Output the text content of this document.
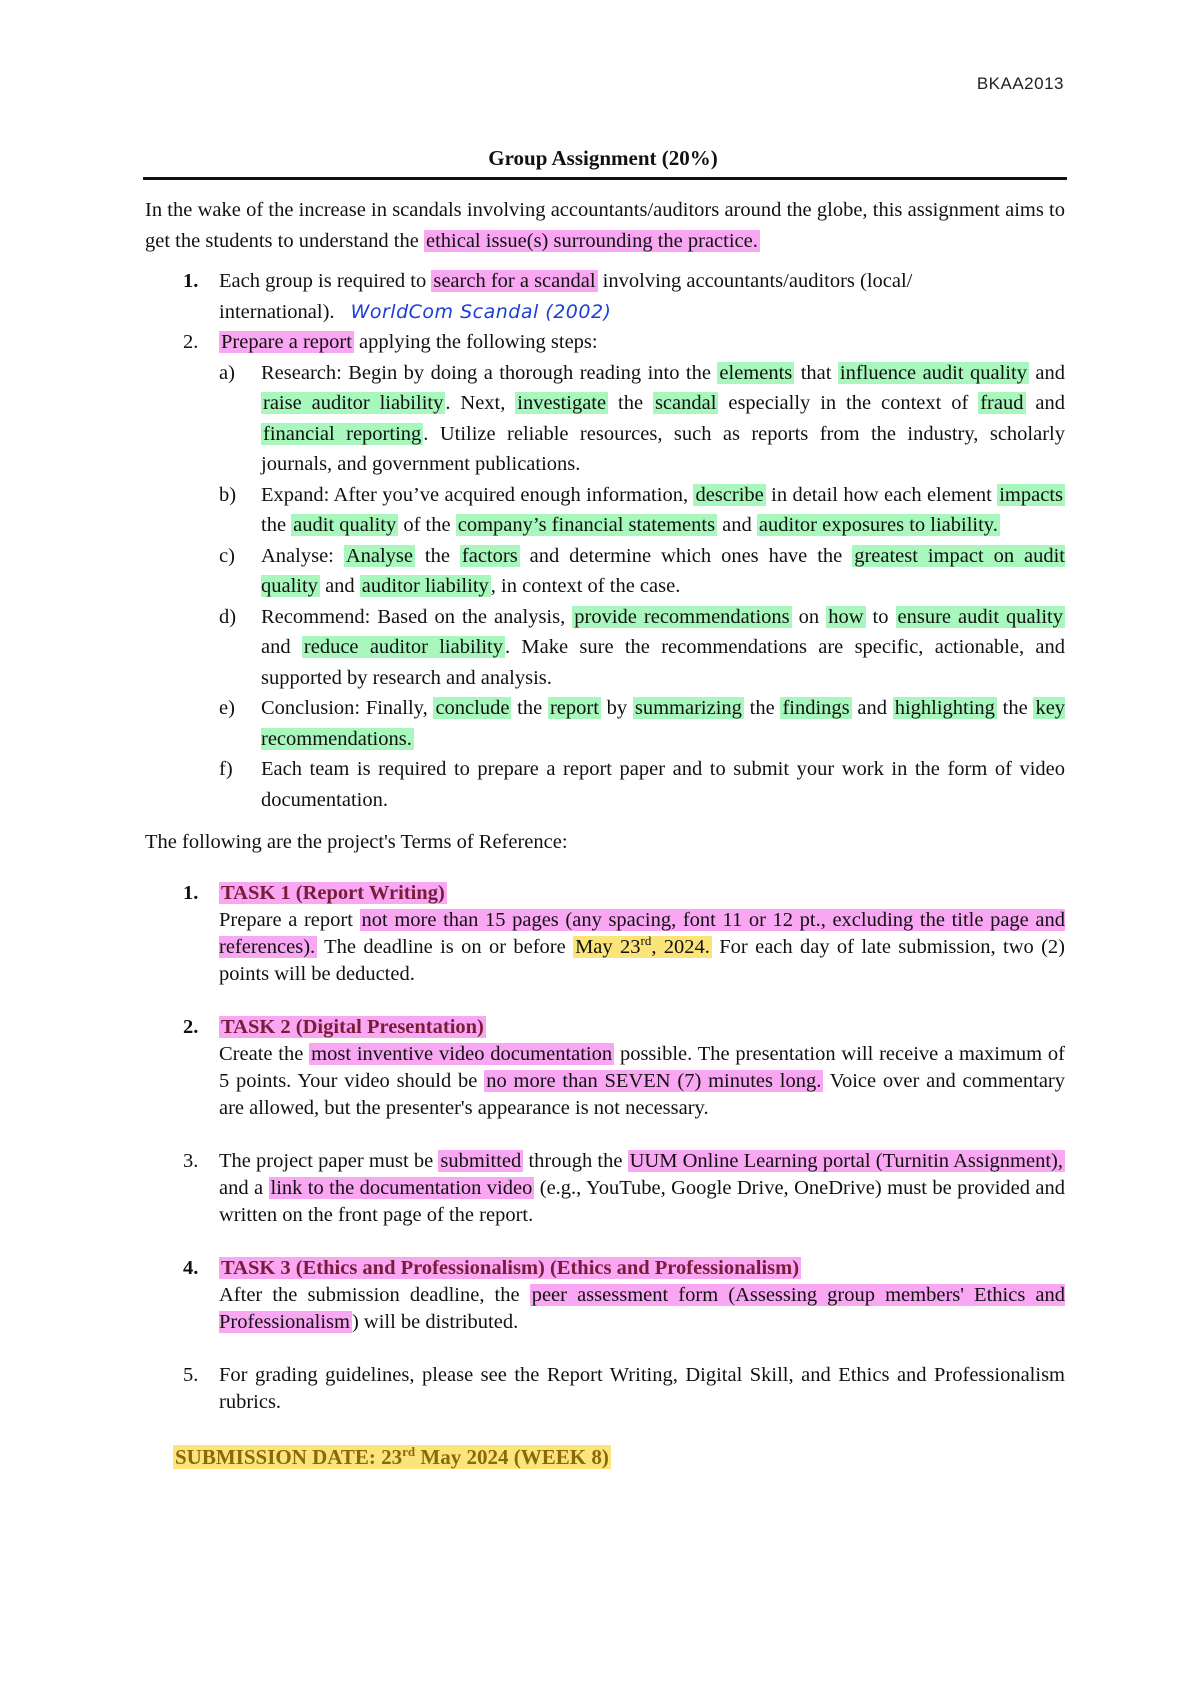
BKAA2013
Group Assignment (20%)

In the wake of the increase in scandals involving accountants/auditors around the globe, this assignment aims to get the students to understand the ethical issue(s) surrounding the practice.

1. Each group is required to search for a scandal involving accountants/auditors (local/ international). WorldCom Scandal (2002)
2. Prepare a report applying the following steps:
a) Research: Begin by doing a thorough reading into the elements that influence audit quality and raise auditor liability. Next, investigate the scandal especially in the context of fraud and financial reporting. Utilize reliable resources, such as reports from the industry, scholarly journals, and government publications.
b) Expand: After you’ve acquired enough information, describe in detail how each element impacts the audit quality of the company’s financial statements and auditor exposures to liability.
c) Analyse: Analyse the factors and determine which ones have the greatest impact on audit quality and auditor liability, in context of the case.
d) Recommend: Based on the analysis, provide recommendations on how to ensure audit quality and reduce auditor liability. Make sure the recommendations are specific, actionable, and supported by research and analysis.
e) Conclusion: Finally, conclude the report by summarizing the findings and highlighting the key recommendations.
f) Each team is required to prepare a report paper and to submit your work in the form of video documentation.

The following are the project's Terms of Reference:

1. TASK 1 (Report Writing)

Prepare a report not more than 15 pages (any spacing, font 11 or 12 pt., excluding the title page and references). The deadline is on or before May 23rd, 2024. For each day of late submission, two (2) points will be deducted.

2. TASK 2 (Digital Presentation)

Create the most inventive video documentation possible. The presentation will receive a maximum of 5 points. Your video should be no more than SEVEN (7) minutes long. Voice over and commentary are allowed, but the presenter's appearance is not necessary.

3. The project paper must be submitted through the UUM Online Learning portal (Turnitin Assignment), and a link to the documentation video (e.g., YouTube, Google Drive, OneDrive) must be provided and written on the front page of the report.

4. TASK 3 (Ethics and Professionalism) (Ethics and Professionalism)

After the submission deadline, the peer assessment form (Assessing group members' Ethics and Professionalism) will be distributed.

5. For grading guidelines, please see the Report Writing, Digital Skill, and Ethics and Professionalism rubrics.

SUBMISSION DATE: 23rd May 2024 (WEEK 8)
